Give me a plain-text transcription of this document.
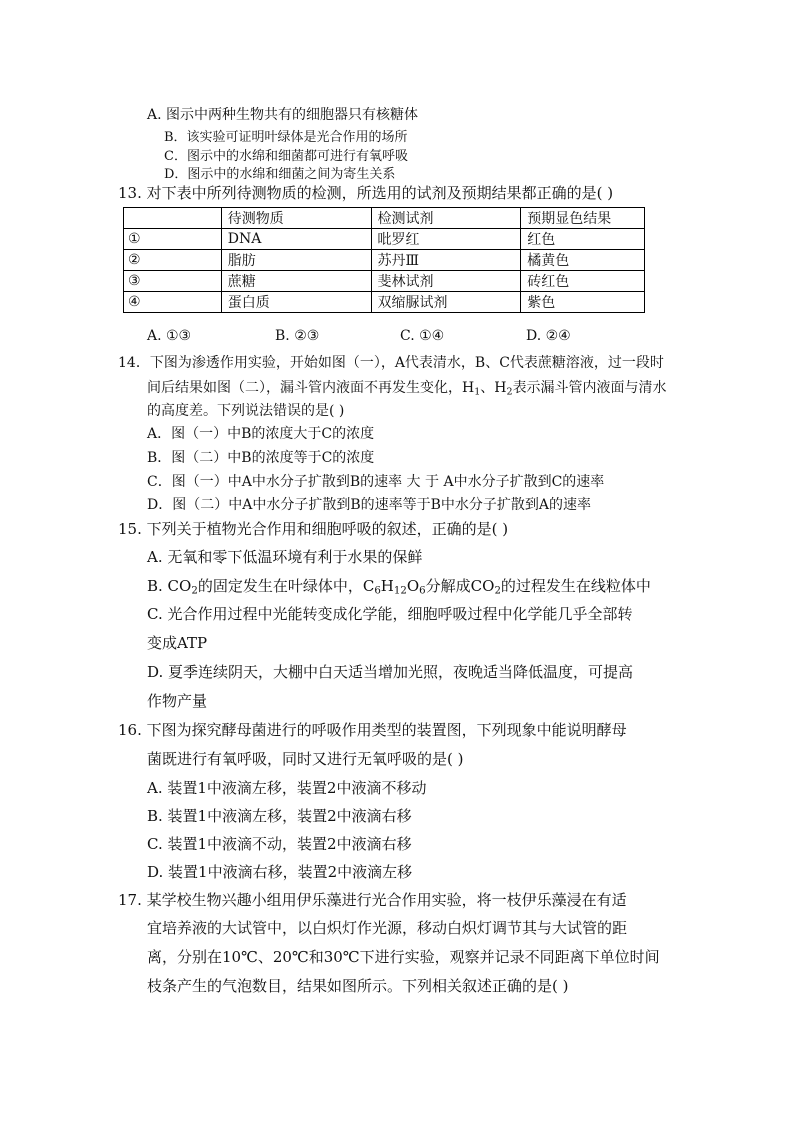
A. 图示中两种生物共有的细胞器只有核糖体
B．该实验可证明叶绿体是光合作用的场所
C．图示中的水绵和细菌都可进行有氧呼吸
D．图示中的水绵和细菌之间为寄生关系
13. 对下表中所列待测物质的检测，所选用的试剂及预期结果都正确的是( )
	待测物质	检测试剂	预期显色结果
①	DNA	吡罗红	红色
②	脂肪	苏丹Ⅲ	橘黄色
③	蔗糖	斐林试剂	砖红色
④	蛋白质	双缩脲试剂	紫色
A. ①③	B. ②③	C. ①④	D. ②④
14．下图为渗透作用实验，开始如图（一），A代表清水，B、C代表蔗糖溶液，过一段时
间后结果如图（二），漏斗管内液面不再发生变化，$H_1$、$H_2$表示漏斗管内液面与清水
的高度差。下列说法错误的是( )
A．图（一）中B的浓度大于C的浓度
B．图（二）中B的浓度等于C的浓度
C．图（一）中A中水分子扩散到B的速率 大 于 A中水分子扩散到C的速率
D．图（二）中A中水分子扩散到B的速率等于B中水分子扩散到A的速率
15. 下列关于植物光合作用和细胞呼吸的叙述，正确的是( )
A. 无氧和零下低温环境有利于水果的保鲜
B. $CO_2$的固定发生在叶绿体中，$C_6H_{12}O_6$分解成$CO_2$的过程发生在线粒体中
C. 光合作用过程中光能转变成化学能，细胞呼吸过程中化学能几乎全部转
变成ATP
D. 夏季连续阴天，大棚中白天适当增加光照，夜晚适当降低温度，可提高
作物产量
16. 下图为探究酵母菌进行的呼吸作用类型的装置图，下列现象中能说明酵母
菌既进行有氧呼吸，同时又进行无氧呼吸的是( )
A. 装置1中液滴左移，装置2中液滴不移动
B. 装置1中液滴左移，装置2中液滴右移
C. 装置1中液滴不动，装置2中液滴右移
D. 装置1中液滴右移，装置2中液滴左移
17. 某学校生物兴趣小组用伊乐藻进行光合作用实验，将一枝伊乐藻浸在有适
宜培养液的大试管中，以白炽灯作光源，移动白炽灯调节其与大试管的距
离，分别在10℃、20℃和30℃下进行实验，观察并记录不同距离下单位时间
枝条产生的气泡数目，结果如图所示。下列相关叙述正确的是( )
